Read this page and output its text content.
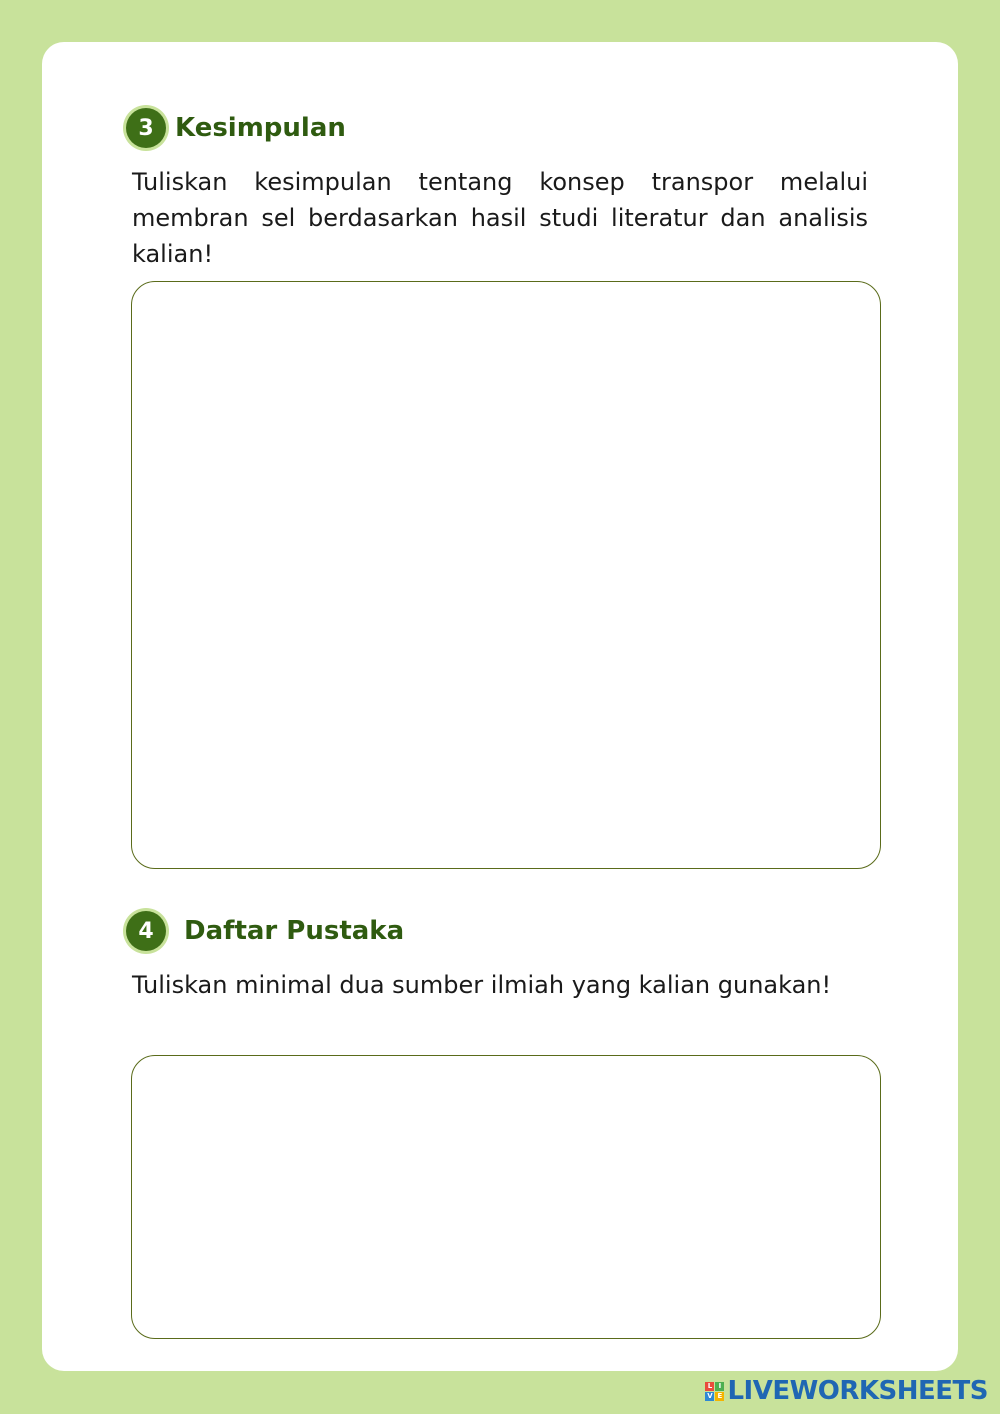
3 Kesimpulan

Tuliskan kesimpulan tentang konsep transpor melalui membran sel berdasarkan hasil studi literatur dan analisis kalian!

4	Daftar Pustaka

Tuliskan minimal dua sumber ilmiah yang kalian gunakan!

L I
V E LIVEWORKSHEETS
